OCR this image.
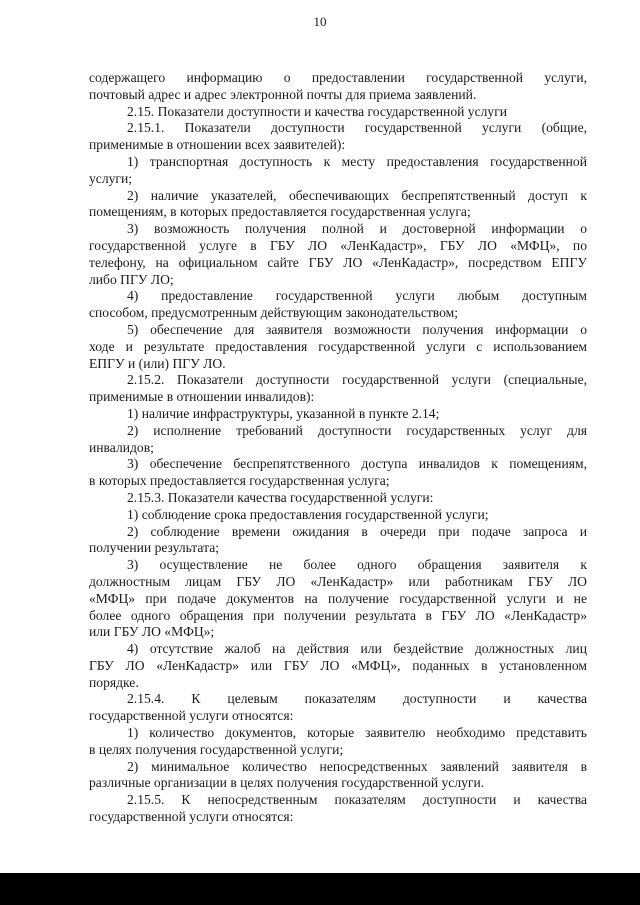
10

содержащего информацию о предоставлении государственной услуги,
почтовый адрес и адрес электронной почты для приема заявлений.

2.15. Показатели доступности и качества государственной услуги

2.15.1. Показатели доступности государственной услуги (общие,
применимые в отношении всех заявителей):

1) транспортная доступность к месту предоставления государственной
услуги;

2) наличие указателей, обеспечивающих беспрепятственный доступ к
помещениям, в которых предоставляется государственная услуга;

3) возможность получения полной и достоверной информации о
государственной услуге в ГБУ ЛО «ЛенКадастр», ГБУ ЛО «МФЦ», по
телефону, на официальном сайте ГБУ ЛО «ЛенКадастр», посредством ЕПГУ
либо ПГУ ЛО;

4) предоставление государственной услуги любым доступным
способом, предусмотренным действующим законодательством;

5) обеспечение для заявителя возможности получения информации о
ходе и результате предоставления государственной услуги с использованием
ЕПГУ и (или) ПГУ ЛО.

2.15.2. Показатели доступности государственной услуги (специальные,
применимые в отношении инвалидов):

1) наличие инфраструктуры, указанной в пункте 2.14;

2) исполнение требований доступности государственных услуг для
инвалидов;

3) обеспечение беспрепятственного доступа инвалидов к помещениям,
в которых предоставляется государственная услуга;

2.15.3. Показатели качества государственной услуги:

1) соблюдение срока предоставления государственной услуги;

2) соблюдение времени ожидания в очереди при подаче запроса и
получении результата;

3) осуществление не более одного обращения заявителя к
должностным лицам ГБУ ЛО «ЛенКадастр» или работникам ГБУ ЛО
«МФЦ» при подаче документов на получение государственной услуги и не
более одного обращения при получении результата в ГБУ ЛО «ЛенКадастр»
или ГБУ ЛО «МФЦ»;

4) отсутствие жалоб на действия или бездействие должностных лиц
ГБУ ЛО «ЛенКадастр» или ГБУ ЛО «МФЦ», поданных в установленном
порядке.

2.15.4. К целевым показателям доступности и качества
государственной услуги относятся:

1) количество документов, которые заявителю необходимо представить
в целях получения государственной услуги;

2) минимальное количество непосредственных заявлений заявителя в
различные организации в целях получения государственной услуги.

2.15.5. К непосредственным показателям доступности и качества
государственной услуги относятся:
